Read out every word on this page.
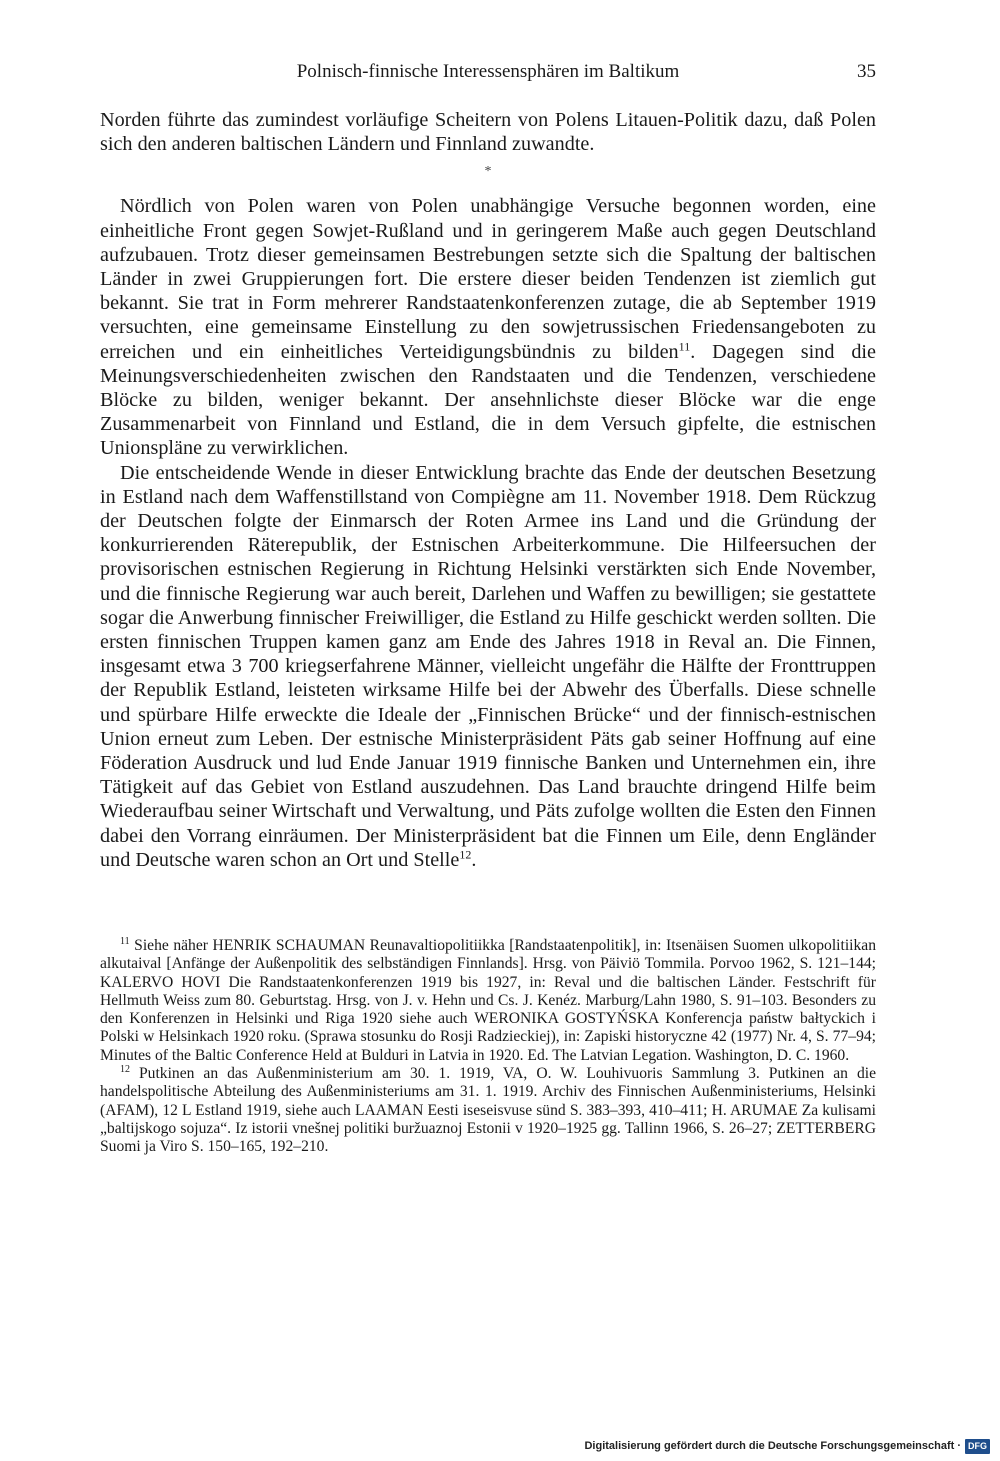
Polnisch-finnische Interessensphären im Baltikum	35

Norden führte das zumindest vorläufige Scheitern von Polens Litauen-Politik dazu, daß Polen sich den anderen baltischen Ländern und Finnland zuwandte.

*

Nördlich von Polen waren von Polen unabhängige Versuche begonnen worden, eine einheitliche Front gegen Sowjet-Rußland und in geringerem Maße auch gegen Deutschland aufzubauen. Trotz dieser gemeinsamen Bestrebungen setzte sich die Spaltung der baltischen Länder in zwei Gruppierungen fort. Die erstere dieser beiden Tendenzen ist ziemlich gut bekannt. Sie trat in Form mehrerer Randstaatenkonferenzen zutage, die ab September 1919 versuchten, eine gemeinsame Einstellung zu den sowjetrussischen Friedensangeboten zu erreichen und ein einheitliches Verteidigungsbündnis zu bilden$^{11}$. Dagegen sind die Meinungsverschiedenheiten zwischen den Randstaaten und die Tendenzen, verschiedene Blöcke zu bilden, weniger bekannt. Der ansehnlichste dieser Blöcke war die enge Zusammenarbeit von Finnland und Estland, die in dem Versuch gipfelte, die estnischen Unionspläne zu verwirklichen.

Die entscheidende Wende in dieser Entwicklung brachte das Ende der deutschen Besetzung in Estland nach dem Waffenstillstand von Compiègne am 11. November 1918. Dem Rückzug der Deutschen folgte der Einmarsch der Roten Armee ins Land und die Gründung der konkurrierenden Räterepublik, der Estnischen Arbeiterkommune. Die Hilfeersuchen der provisorischen estnischen Regierung in Richtung Helsinki verstärkten sich Ende November, und die finnische Regierung war auch bereit, Darlehen und Waffen zu bewilligen; sie gestattete sogar die Anwerbung finnischer Freiwilliger, die Estland zu Hilfe geschickt werden sollten. Die ersten finnischen Truppen kamen ganz am Ende des Jahres 1918 in Reval an. Die Finnen, insgesamt etwa 3 700 kriegserfahrene Männer, vielleicht ungefähr die Hälfte der Fronttruppen der Republik Estland, leisteten wirksame Hilfe bei der Abwehr des Überfalls. Diese schnelle und spürbare Hilfe erweckte die Ideale der „Finnischen Brücke“ und der finnisch-estnischen Union erneut zum Leben. Der estnische Ministerpräsident Päts gab seiner Hoffnung auf eine Föderation Ausdruck und lud Ende Januar 1919 finnische Banken und Unternehmen ein, ihre Tätigkeit auf das Gebiet von Estland auszudehnen. Das Land brauchte dringend Hilfe beim Wiederaufbau seiner Wirtschaft und Verwaltung, und Päts zufolge wollten die Esten den Finnen dabei den Vorrang einräumen. Der Ministerpräsident bat die Finnen um Eile, denn Engländer und Deutsche waren schon an Ort und Stelle$^{12}$.

$^{11}$ Siehe näher HENRIK SCHAUMAN Reunavaltiopolitiikka [Randstaatenpolitik], in: Itsenäisen Suomen ulkopolitiikan alkutaival [Anfänge der Außenpolitik des selbständigen Finnlands]. Hrsg. von Päiviö Tommila. Porvoo 1962, S. 121–144; KALERVO HOVI Die Randstaatenkonferenzen 1919 bis 1927, in: Reval und die baltischen Länder. Festschrift für Hellmuth Weiss zum 80. Geburtstag. Hrsg. von J. v. Hehn und Cs. J. Kenéz. Marburg/Lahn 1980, S. 91–103. Besonders zu den Konferenzen in Helsinki und Riga 1920 siehe auch WERONIKA GOSTYŃSKA Konferencja państw bałtyckich i Polski w Helsinkach 1920 roku. (Sprawa stosunku do Rosji Radzieckiej), in: Zapiski historyczne 42 (1977) Nr. 4, S. 77–94; Minutes of the Baltic Conference Held at Bulduri in Latvia in 1920. Ed. The Latvian Legation. Washington, D. C. 1960.

$^{12}$ Putkinen an das Außenministerium am 30. 1. 1919, VA, O. W. Louhivuoris Sammlung 3. Putkinen an die handelspolitische Abteilung des Außenministeriums am 31. 1. 1919. Archiv des Finnischen Außenministeriums, Helsinki (AFAM), 12 L Estland 1919, siehe auch LAAMAN Eesti iseseisvuse sünd S. 383–393, 410–411; H. ARUMAE Za kulisami „baltijskogo sojuza“. Iz istorii vnešnej politiki buržuaznoj Estonii v 1920–1925 gg. Tallinn 1966, S. 26–27; ZETTERBERG Suomi ja Viro S. 150–165, 192–210.

Digitalisierung gefördert durch die Deutsche Forschungsgemeinschaft · DFG
